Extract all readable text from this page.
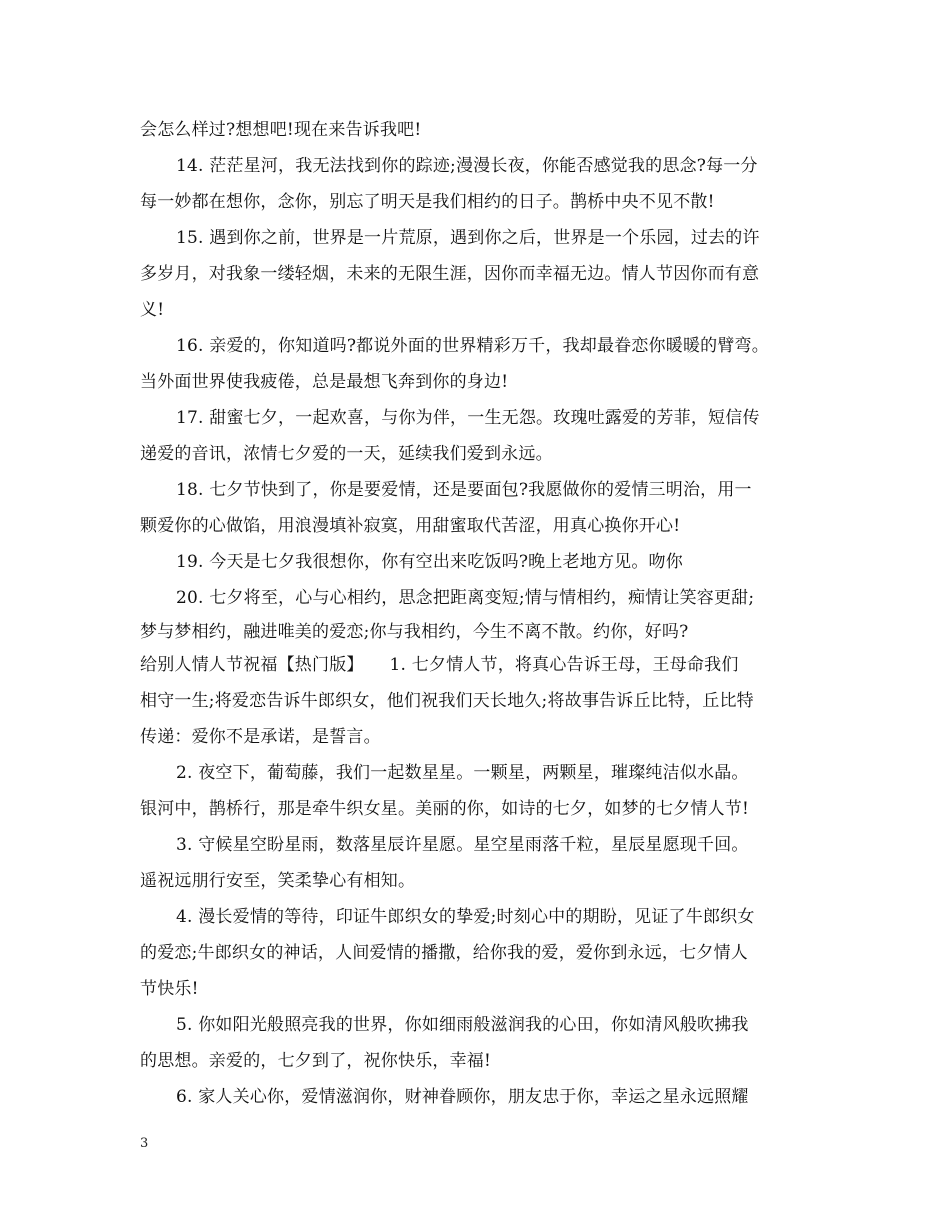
会怎么样过?想想吧!现在来告诉我吧!
14. 茫茫星河，我无法找到你的踪迹;漫漫长夜，你能否感觉我的思念?每一分
每一妙都在想你，念你，别忘了明天是我们相约的日子。鹊桥中央不见不散!
15. 遇到你之前，世界是一片荒原，遇到你之后，世界是一个乐园，过去的许
多岁月，对我象一缕轻烟，未来的无限生涯，因你而幸福无边。情人节因你而有意
义!
16. 亲爱的，你知道吗?都说外面的世界精彩万千，我却最眷恋你暖暖的臂弯。
当外面世界使我疲倦，总是最想飞奔到你的身边!
17. 甜蜜七夕，一起欢喜，与你为伴，一生无怨。玫瑰吐露爱的芳菲，短信传
递爱的音讯，浓情七夕爱的一天，延续我们爱到永远。
18. 七夕节快到了，你是要爱情，还是要面包?我愿做你的爱情三明治，用一
颗爱你的心做馅，用浪漫填补寂寞，用甜蜜取代苦涩，用真心换你开心!
19. 今天是七夕我很想你，你有空出来吃饭吗?晚上老地方见。吻你
20. 七夕将至，心与心相约，思念把距离变短;情与情相约，痴情让笑容更甜;
梦与梦相约，融进唯美的爱恋;你与我相约，今生不离不散。约你，好吗?
给别人情人节祝福【热门版】　　1. 七夕情人节，将真心告诉王母，王母命我们
相守一生;将爱恋告诉牛郎织女，他们祝我们天长地久;将故事告诉丘比特，丘比特
传递：爱你不是承诺，是誓言。
2. 夜空下，葡萄藤，我们一起数星星。一颗星，两颗星，璀璨纯洁似水晶。
银河中，鹊桥行，那是牵牛织女星。美丽的你，如诗的七夕，如梦的七夕情人节!
3. 守候星空盼星雨，数落星辰许星愿。星空星雨落千粒，星辰星愿现千回。
遥祝远朋行安至，笑柔挚心有相知。
4. 漫长爱情的等待，印证牛郎织女的挚爱;时刻心中的期盼，见证了牛郎织女
的爱恋;牛郎织女的神话，人间爱情的播撒，给你我的爱，爱你到永远，七夕情人
节快乐!
5. 你如阳光般照亮我的世界，你如细雨般滋润我的心田，你如清风般吹拂我
的思想。亲爱的，七夕到了，祝你快乐，幸福!
6. 家人关心你，爱情滋润你，财神眷顾你，朋友忠于你，幸运之星永远照耀
3
